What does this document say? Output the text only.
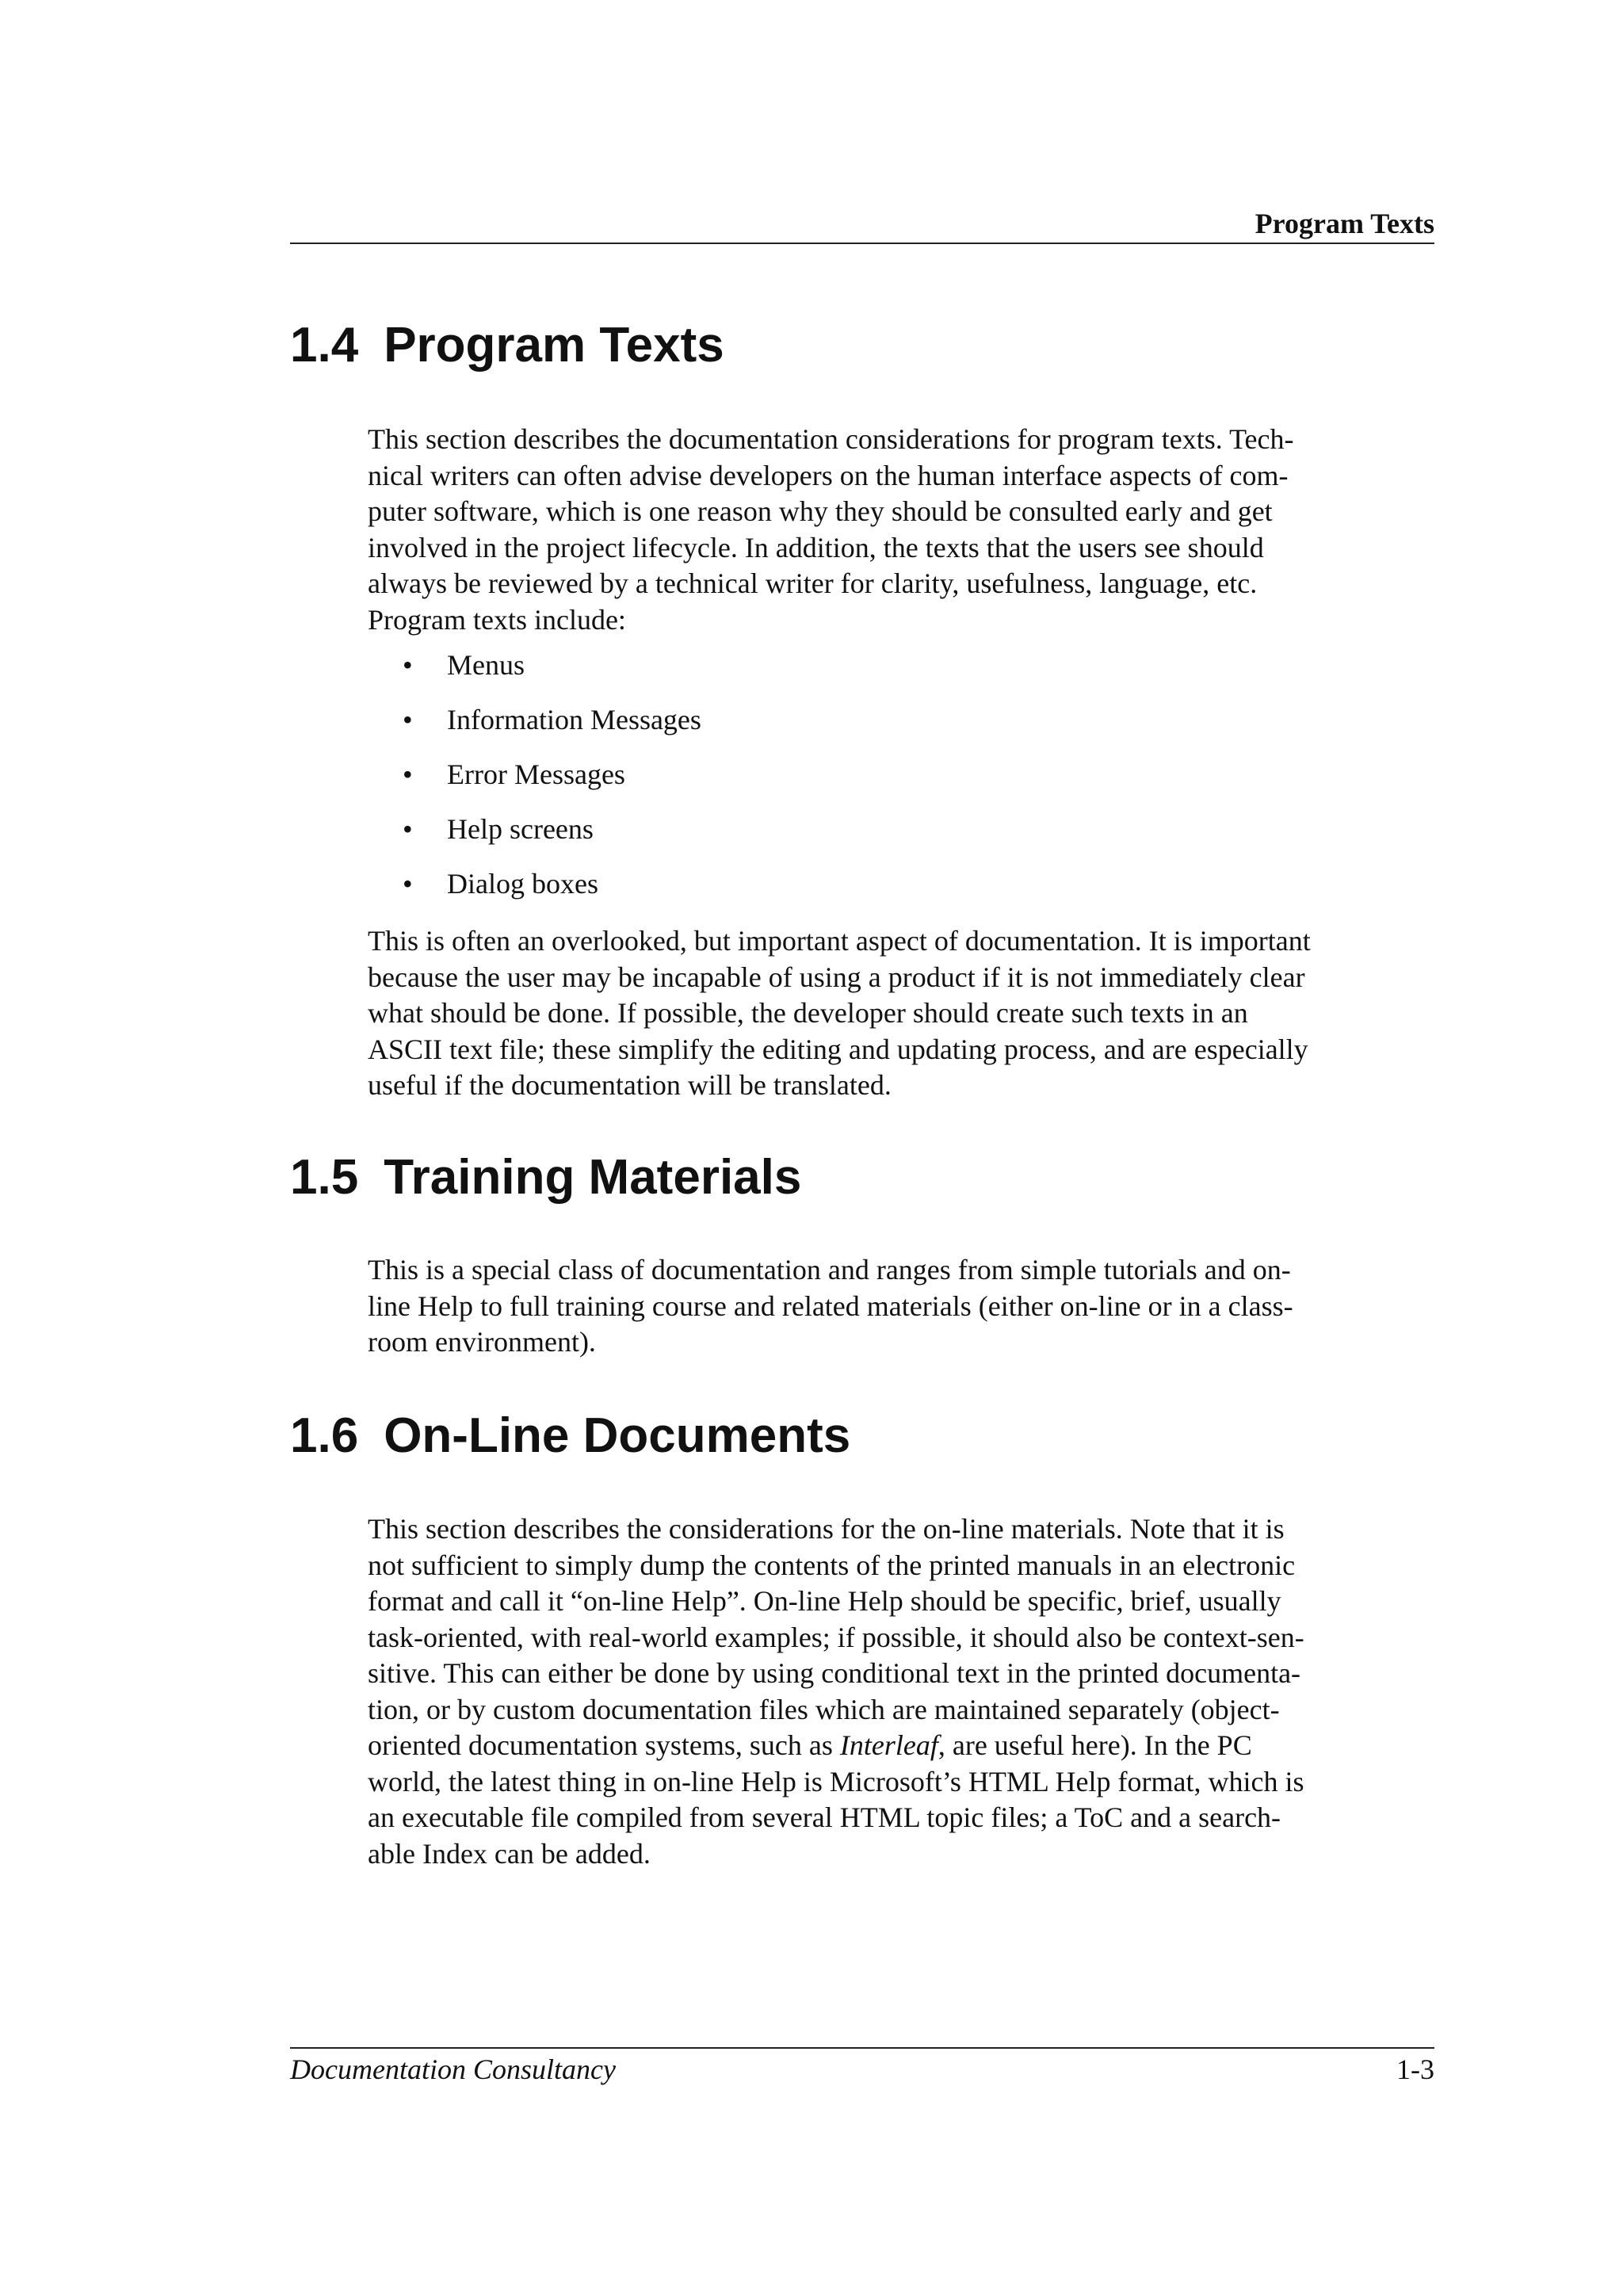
Program Texts
1.4 Program Texts

This section describes the documentation considerations for program texts. Tech-
nical writers can often advise developers on the human interface aspects of com-
puter software, which is one reason why they should be consulted early and get
involved in the project lifecycle. In addition, the texts that the users see should
always be reviewed by a technical writer for clarity, usefulness, language, etc.
Program texts include:

• Menus
• Information Messages
• Error Messages
• Help screens
• Dialog boxes

This is often an overlooked, but important aspect of documentation. It is important
because the user may be incapable of using a product if it is not immediately clear
what should be done. If possible, the developer should create such texts in an
ASCII text file; these simplify the editing and updating process, and are especially
useful if the documentation will be translated.

1.5 Training Materials

This is a special class of documentation and ranges from simple tutorials and on-
line Help to full training course and related materials (either on-line or in a class-
room environment).

1.6 On-Line Documents

This section describes the considerations for the on-line materials. Note that it is
not sufficient to simply dump the contents of the printed manuals in an electronic
format and call it “on-line Help”. On-line Help should be specific, brief, usually
task-oriented, with real-world examples; if possible, it should also be context-sen-
sitive. This can either be done by using conditional text in the printed documenta-
tion, or by custom documentation files which are maintained separately (object-
oriented documentation systems, such as Interleaf, are useful here). In the PC
world, the latest thing in on-line Help is Microsoft’s HTML Help format, which is
an executable file compiled from several HTML topic files; a ToC and a search-
able Index can be added.

Documentation Consultancy	1-3
